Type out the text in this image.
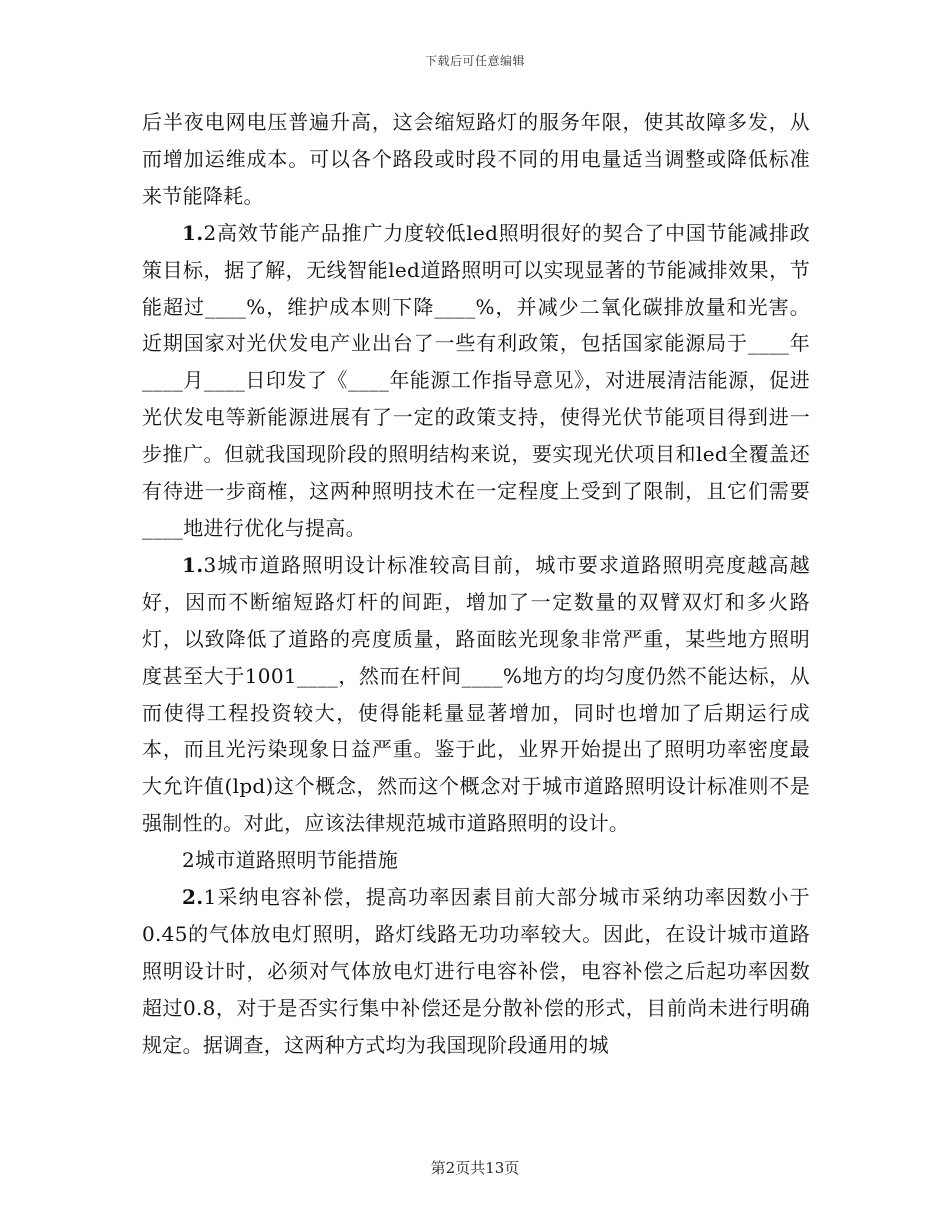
下载后可任意编辑

后半夜电网电压普遍升高，这会缩短路灯的服务年限，使其故障多发，从而增加运维成本。可以各个路段或时段不同的用电量适当调整或降低标准来节能降耗。

1.2高效节能产品推广力度较低led照明很好的契合了中国节能减排政策目标，据了解，无线智能led道路照明可以实现显著的节能减排效果，节能超过____%，维护成本则下降____%，并减少二氧化碳排放量和光害。近期国家对光伏发电产业出台了一些有利政策，包括国家能源局于____年____月____日印发了《____年能源工作指导意见》，对进展清洁能源，促进光伏发电等新能源进展有了一定的政策支持，使得光伏节能项目得到进一步推广。但就我国现阶段的照明结构来说，要实现光伏项目和led全覆盖还有待进一步商榷，这两种照明技术在一定程度上受到了限制，且它们需要____地进行优化与提高。

1.3城市道路照明设计标准较高目前，城市要求道路照明亮度越高越好，因而不断缩短路灯杆的间距，增加了一定数量的双臂双灯和多火路灯，以致降低了道路的亮度质量，路面眩光现象非常严重，某些地方照明度甚至大于1001____，然而在杆间____%地方的均匀度仍然不能达标，从而使得工程投资较大，使得能耗量显著增加，同时也增加了后期运行成本，而且光污染现象日益严重。鉴于此，业界开始提出了照明功率密度最大允许值(lpd)这个概念，然而这个概念对于城市道路照明设计标准则不是强制性的。对此，应该法律规范城市道路照明的设计。

2城市道路照明节能措施

2.1采纳电容补偿，提高功率因素目前大部分城市采纳功率因数小于0.45的气体放电灯照明，路灯线路无功功率较大。因此，在设计城市道路照明设计时，必须对气体放电灯进行电容补偿，电容补偿之后起功率因数超过0.8，对于是否实行集中补偿还是分散补偿的形式，目前尚未进行明确规定。据调查，这两种方式均为我国现阶段通用的城

第2页共13页
